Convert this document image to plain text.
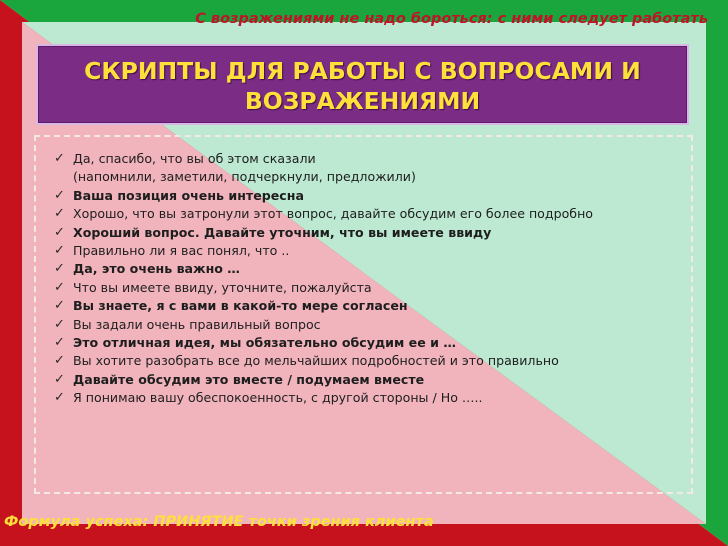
С возражениями не надо бороться: с ними следует работать
СКРИПТЫ ДЛЯ РАБОТЫ С ВОПРОСАМИ И
ВОЗРАЖЕНИЯМИ
✓ Да, спасибо, что вы об этом сказали
(напомнили, заметили, подчеркнули, предложили)
✓ Ваша позиция очень интересна
✓ Хорошо, что вы затронули этот вопрос, давайте обсудим его более подробно
✓ Хороший вопрос. Давайте уточним, что вы имеете ввиду
✓ Правильно ли я вас понял, что ..
✓ Да, это очень важно …
✓ Что вы имеете ввиду, уточните, пожалуйста
✓ Вы знаете, я с вами в какой-то мере согласен
✓ Вы задали очень правильный вопрос
✓ Это отличная идея, мы обязательно обсудим ее и …
✓ Вы хотите разобрать все до мельчайших подробностей и это правильно
✓ Давайте обсудим это вместе / подумаем вместе
✓ Я понимаю вашу обеспокоенность, с другой стороны / Но …..
Формула успеха: ПРИНЯТИЕ точки зрения клиента
